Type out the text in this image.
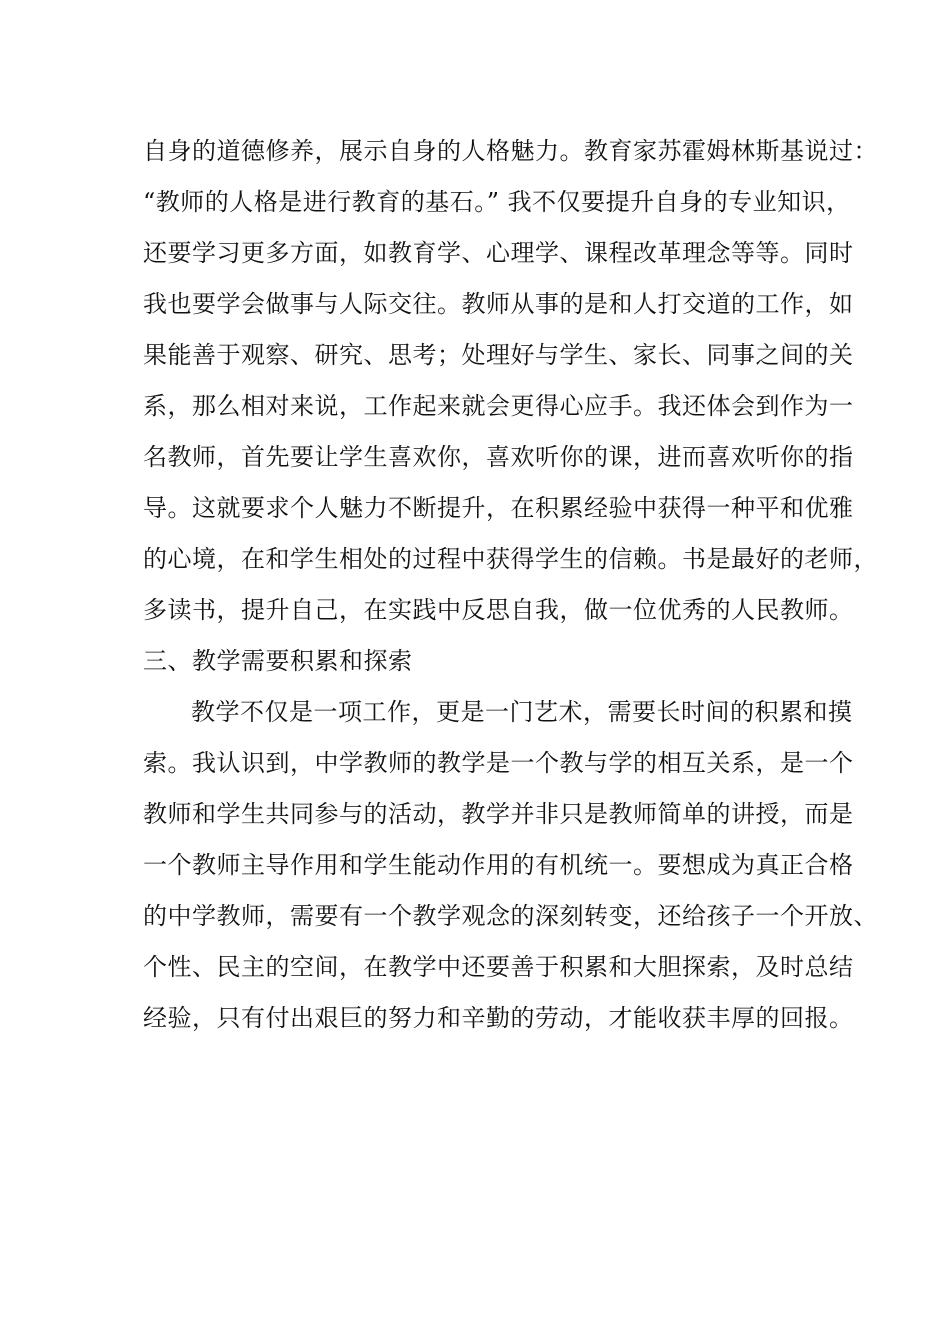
自身的道德修养，展示自身的人格魅力。教育家苏霍姆林斯基说过：
“教师的人格是进行教育的基石。” 我不仅要提升自身的专业知识，
还要学习更多方面，如教育学、心理学、课程改革理念等等。同时
我也要学会做事与人际交往。教师从事的是和人打交道的工作，如
果能善于观察、研究、思考；处理好与学生、家长、同事之间的关
系，那么相对来说，工作起来就会更得心应手。我还体会到作为一
名教师，首先要让学生喜欢你，喜欢听你的课，进而喜欢听你的指
导。这就要求个人魅力不断提升，在积累经验中获得一种平和优雅
的心境，在和学生相处的过程中获得学生的信赖。书是最好的老师，
多读书，提升自己，在实践中反思自我，做一位优秀的人民教师。
三、教学需要积累和探索
教学不仅是一项工作，更是一门艺术，需要长时间的积累和摸
索。我认识到，中学教师的教学是一个教与学的相互关系，是一个
教师和学生共同参与的活动，教学并非只是教师简单的讲授，而是
一个教师主导作用和学生能动作用的有机统一。要想成为真正合格
的中学教师，需要有一个教学观念的深刻转变，还给孩子一个开放、
个性、民主的空间，在教学中还要善于积累和大胆探索，及时总结
经验，只有付出艰巨的努力和辛勤的劳动，才能收获丰厚的回报。
